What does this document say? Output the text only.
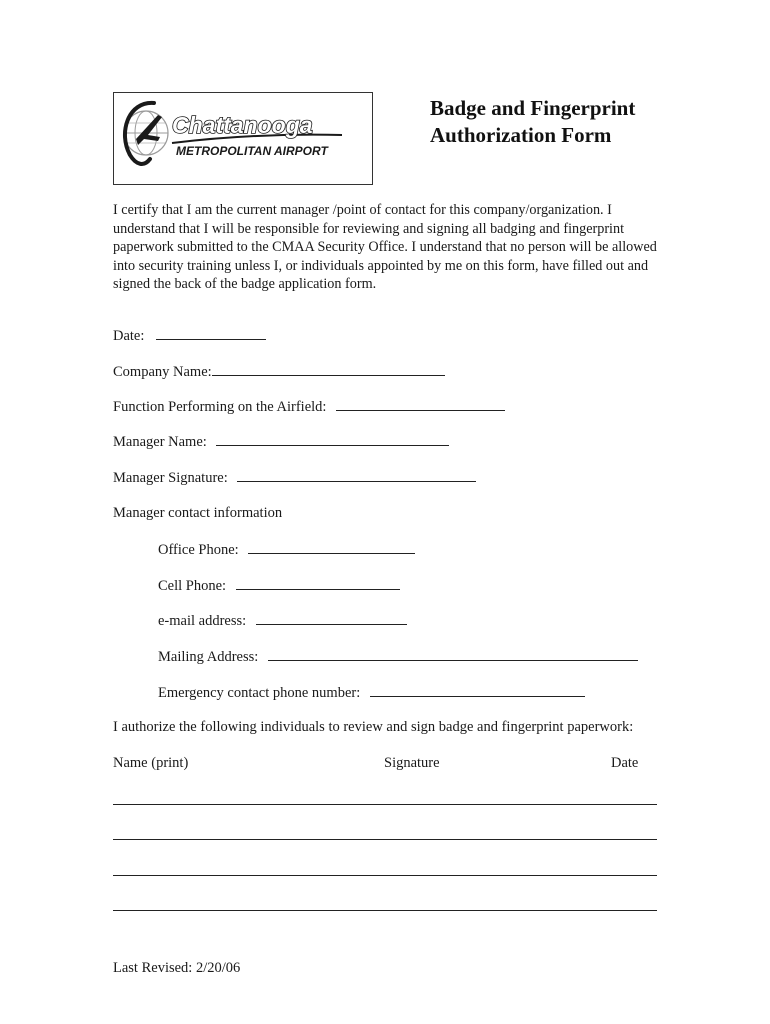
Chattanooga
METROPOLITAN AIRPORT
Badge and Fingerprint
Authorization Form

I certify that I am the current manager /point of contact for this company/organization. I understand that I will be responsible for reviewing and signing all badging and fingerprint paperwork submitted to the CMAA Security Office. I understand that no person will be allowed into security training unless I, or individuals appointed by me on this form, have filled out and signed the back of the badge application form.

Date:
Company Name:
Function Performing on the Airfield:
Manager Name:
Manager Signature:
Manager contact information
Office Phone:
Cell Phone:
e-mail address:
Mailing Address:
Emergency contact phone number:
I authorize the following individuals to review and sign badge and fingerprint paperwork:
Name (print)	Signature	Date
Last Revised: 2/20/06
